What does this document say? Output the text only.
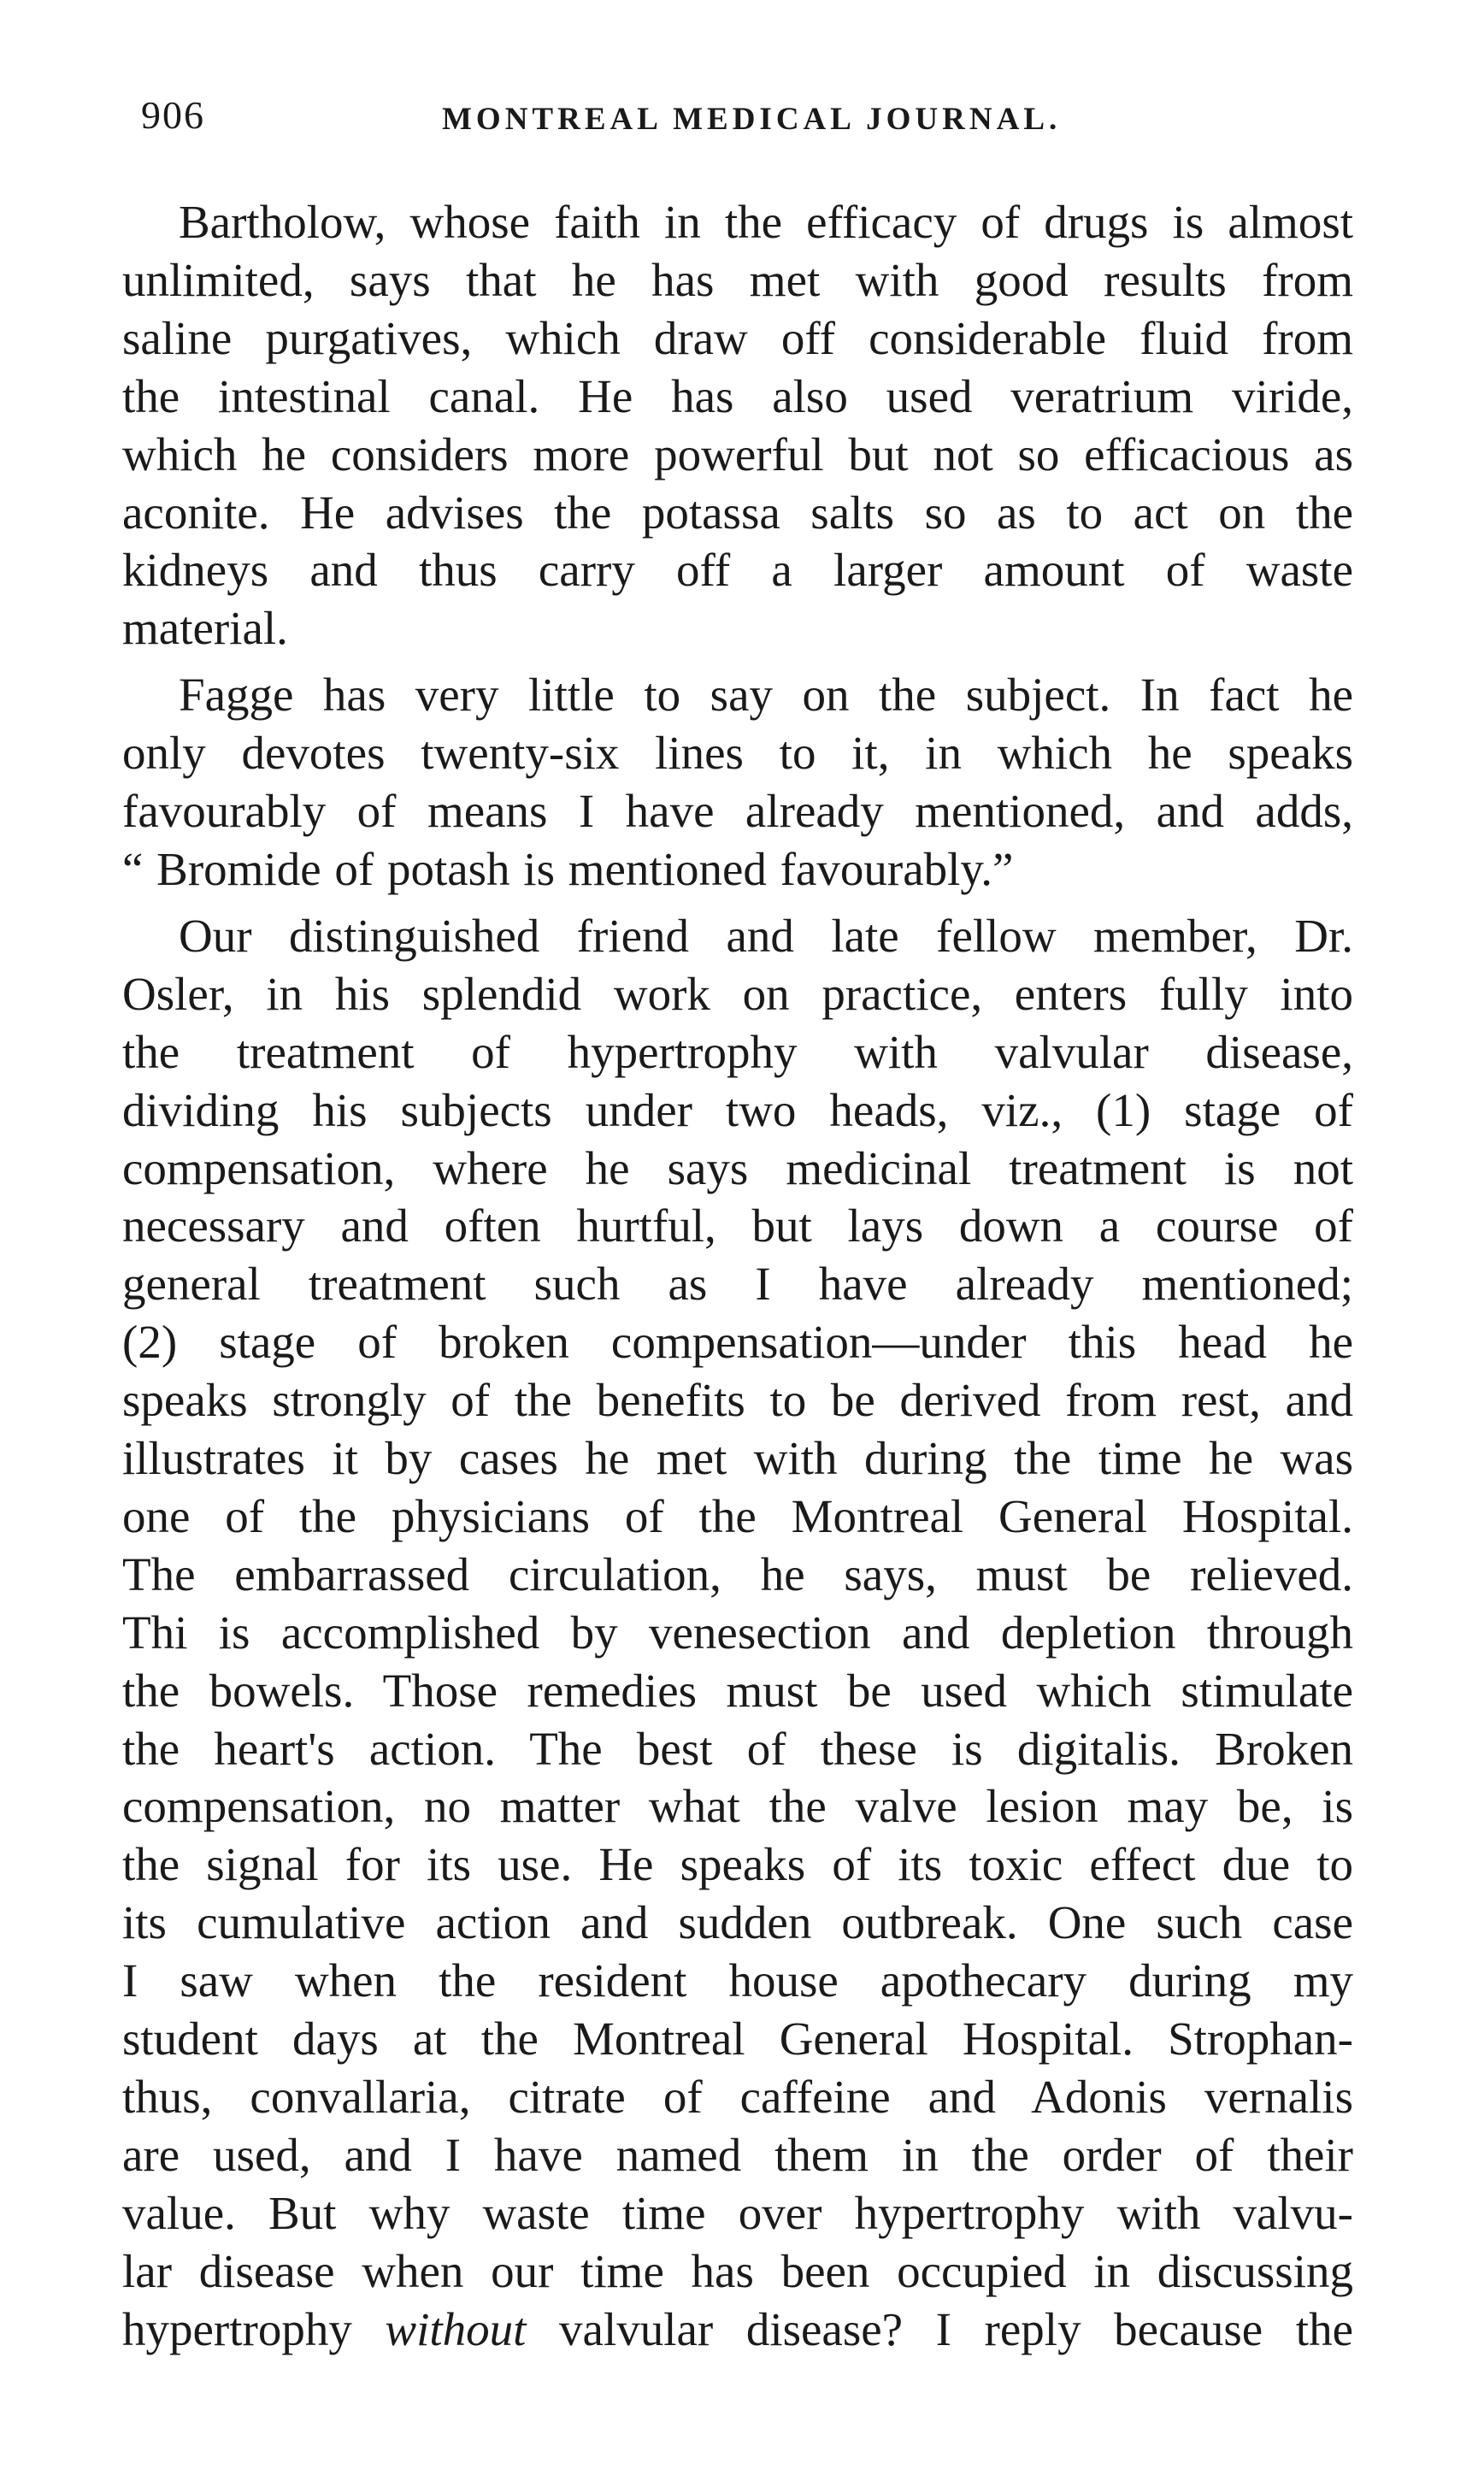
906	MONTREAL MEDICAL JOURNAL.

Bartholow, whose faith in the efficacy of drugs is almost
unlimited, says that he has met with good results from
saline purgatives, which draw off considerable fluid from
the intestinal canal. He has also used veratrium viride,
which he considers more powerful but not so efficacious as
aconite. He advises the potassa salts so as to act on the
kidneys and thus carry off a larger amount of waste
material.

Fagge has very little to say on the subject. In fact he
only devotes twenty-six lines to it, in which he speaks
favourably of means I have already mentioned, and adds,
“ Bromide of potash is mentioned favourably.”

Our distinguished friend and late fellow member, Dr.
Osler, in his splendid work on practice, enters fully into
the treatment of hypertrophy with valvular disease,
dividing his subjects under two heads, viz., (1) stage of
compensation, where he says medicinal treatment is not
necessary and often hurtful, but lays down a course of
general treatment such as I have already mentioned;
(2) stage of broken compensation—under this head he
speaks strongly of the benefits to be derived from rest, and
illustrates it by cases he met with during the time he was
one of the physicians of the Montreal General Hospital.
The embarrassed circulation, he says, must be relieved.
Thi is accomplished by venesection and depletion through
the bowels. Those remedies must be used which stimulate
the heart's action. The best of these is digitalis. Broken
compensation, no matter what the valve lesion may be, is
the signal for its use. He speaks of its toxic effect due to
its cumulative action and sudden outbreak. One such case
I saw when the resident house apothecary during my
student days at the Montreal General Hospital. Strophan-
thus, convallaria, citrate of caffeine and Adonis vernalis
are used, and I have named them in the order of their
value. But why waste time over hypertrophy with valvu-
lar disease when our time has been occupied in discussing
hypertrophy without valvular disease? I reply because the
